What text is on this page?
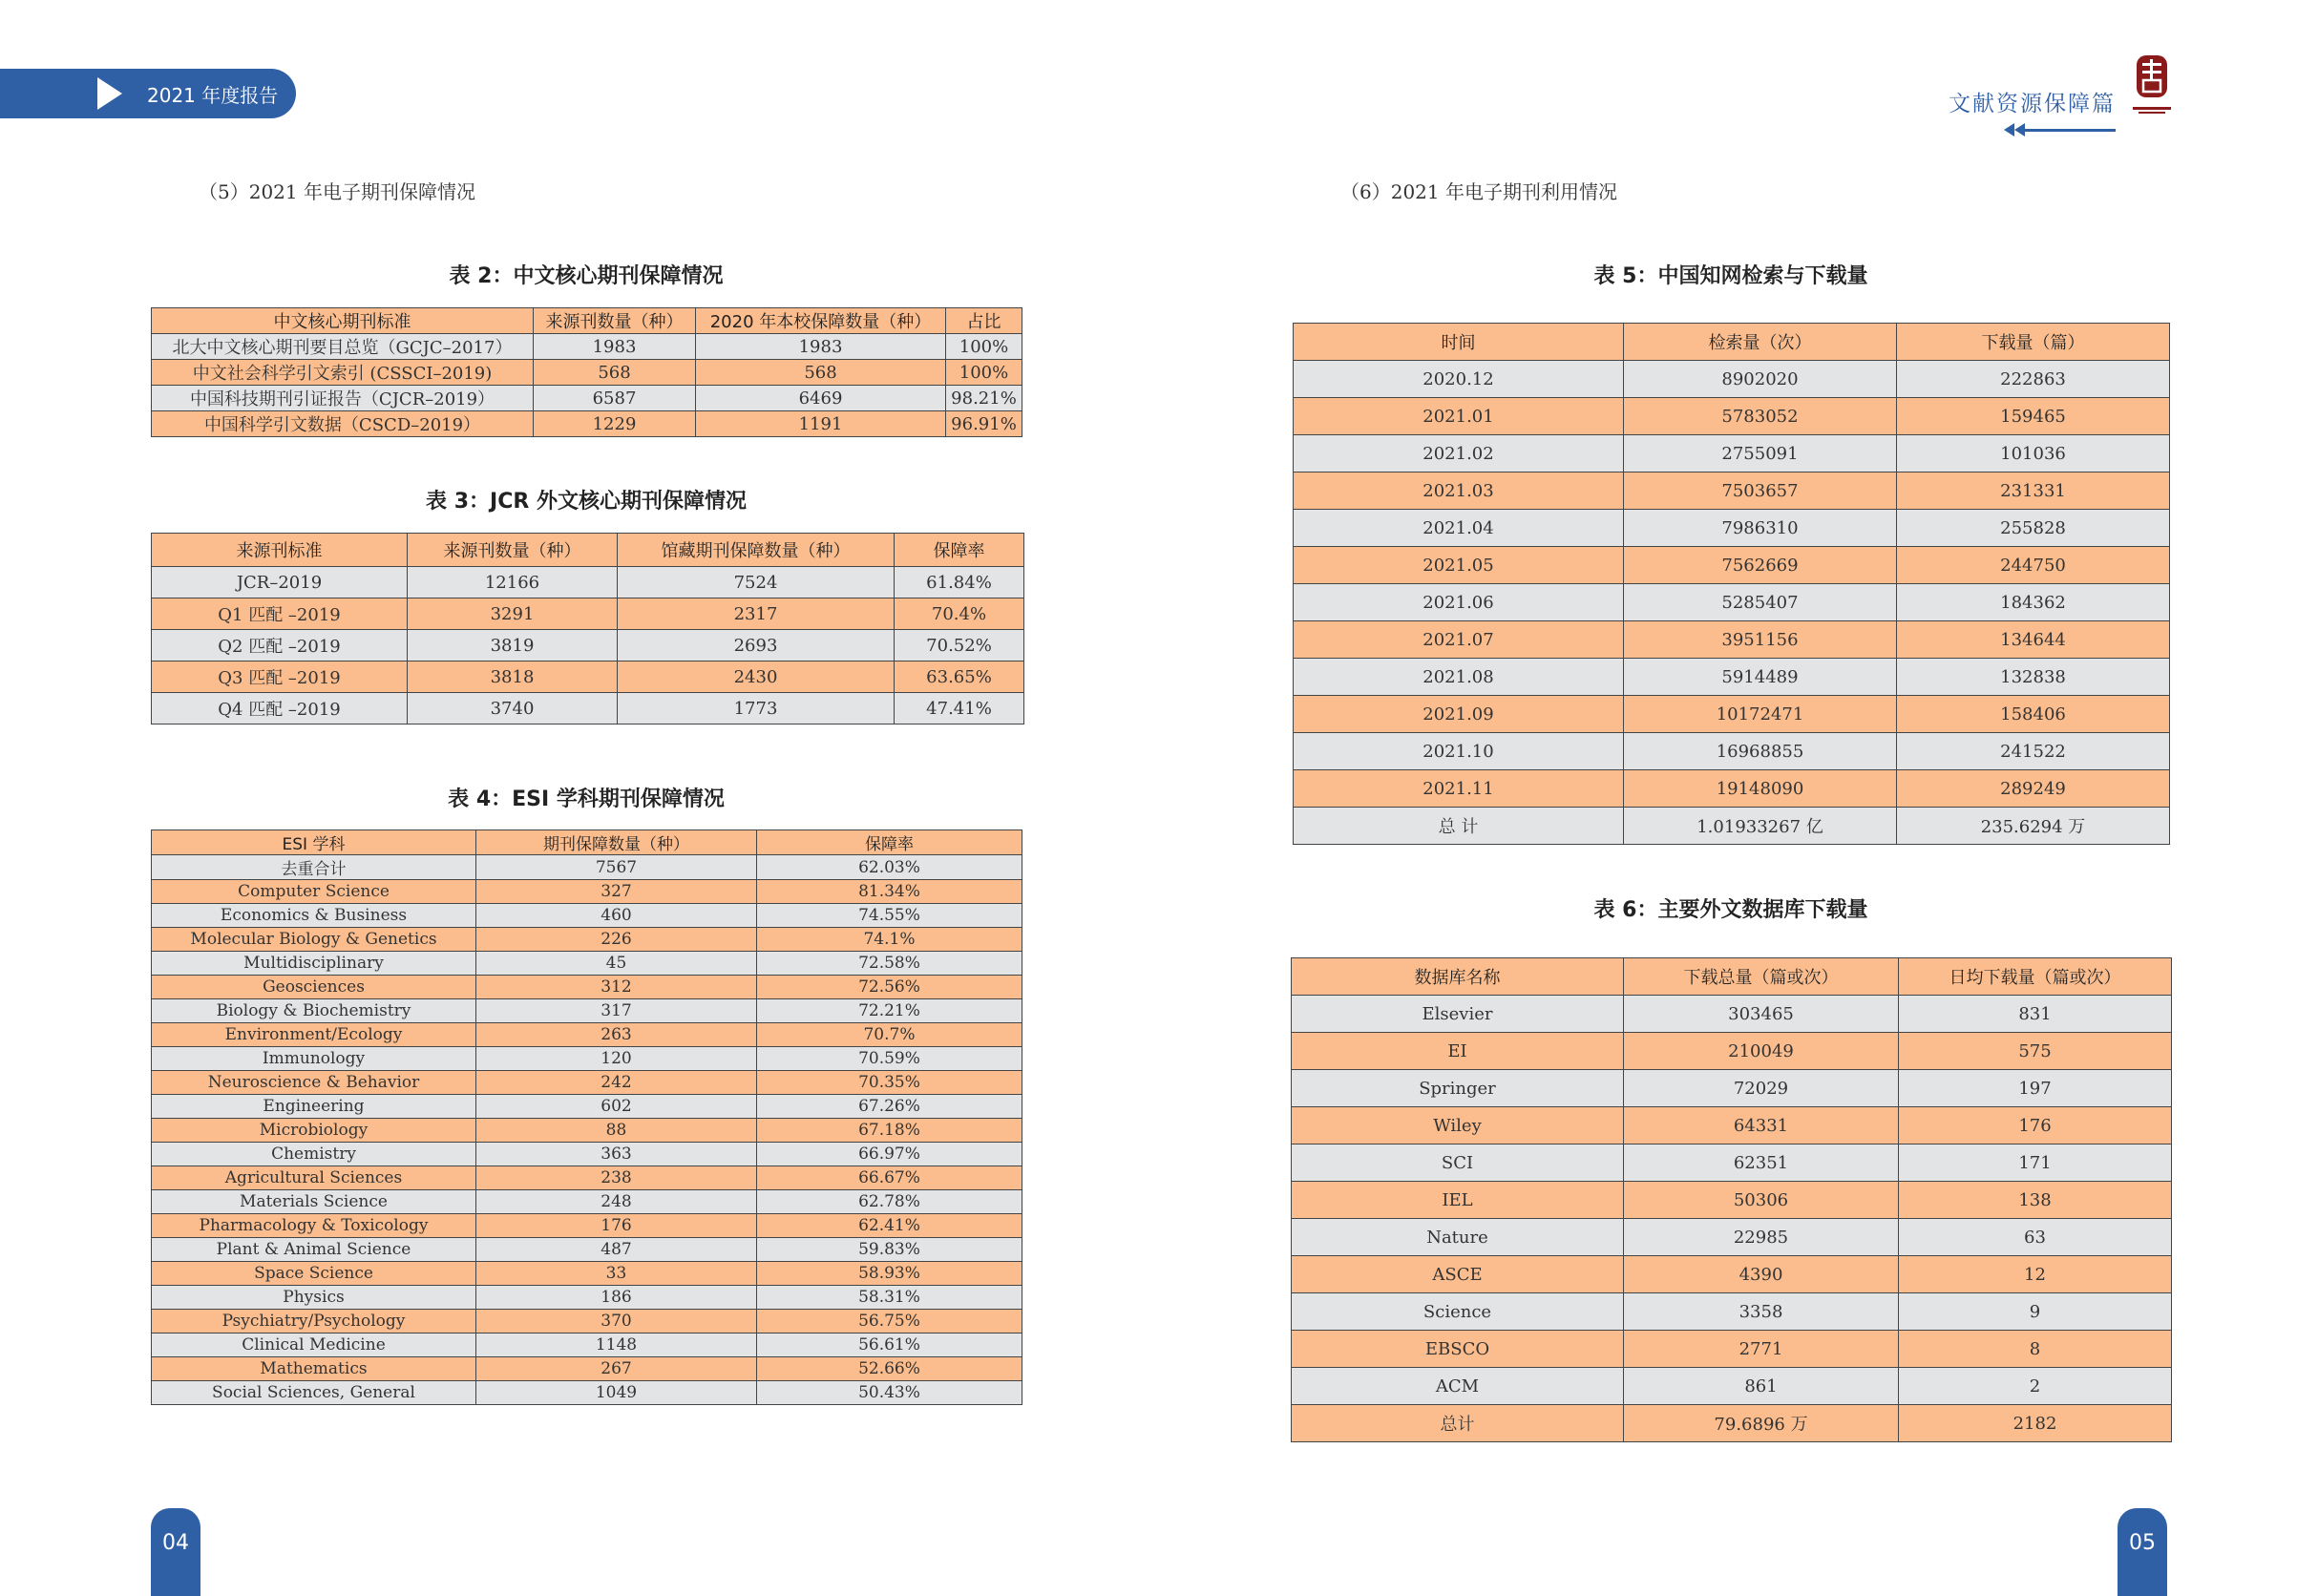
2021 年度报告	文献资源保障篇
（5）2021 年电子期刊保障情况
表 2：中文核心期刊保障情况
中文核心期刊标准	来源刊数量（种）	2020 年本校保障数量（种）	占比
北大中文核心期刊要目总览（GCJC–2017）	1983	1983	100%
中文社会科学引文索引 (CSSCI–2019)	568	568	100%
中国科技期刊引证报告（CJCR–2019）	6587	6469	98.21%
中国科学引文数据（CSCD–2019）	1229	1191	96.91%
表 3：JCR 外文核心期刊保障情况
来源刊标准	来源刊数量（种）	馆藏期刊保障数量（种）	保障率
JCR–2019	12166	7524	61.84%
Q1 匹配 –2019	3291	2317	70.4%
Q2 匹配 –2019	3819	2693	70.52%
Q3 匹配 –2019	3818	2430	63.65%
Q4 匹配 –2019	3740	1773	47.41%
表 4：ESI 学科期刊保障情况
ESI 学科	期刊保障数量（种）	保障率
去重合计	7567	62.03%
Computer Science	327	81.34%
Economics & Business	460	74.55%
Molecular Biology & Genetics	226	74.1%
Multidisciplinary	45	72.58%
Geosciences	312	72.56%
Biology & Biochemistry	317	72.21%
Environment/Ecology	263	70.7%
Immunology	120	70.59%
Neuroscience & Behavior	242	70.35%
Engineering	602	67.26%
Microbiology	88	67.18%
Chemistry	363	66.97%
Agricultural Sciences	238	66.67%
Materials Science	248	62.78%
Pharmacology & Toxicology	176	62.41%
Plant & Animal Science	487	59.83%
Space Science	33	58.93%
Physics	186	58.31%
Psychiatry/Psychology	370	56.75%
Clinical Medicine	1148	56.61%
Mathematics	267	52.66%
Social Sciences, General	1049	50.43%
04
（6）2021 年电子期刊利用情况
表 5：中国知网检索与下载量
时间	检索量（次）	下载量（篇）
2020.12	8902020	222863
2021.01	5783052	159465
2021.02	2755091	101036
2021.03	7503657	231331
2021.04	7986310	255828
2021.05	7562669	244750
2021.06	5285407	184362
2021.07	3951156	134644
2021.08	5914489	132838
2021.09	10172471	158406
2021.10	16968855	241522
2021.11	19148090	289249
总 计	1.01933267 亿	235.6294 万
表 6：主要外文数据库下载量
数据库名称	下载总量（篇或次）	日均下载量（篇或次）
Elsevier	303465	831
EI	210049	575
Springer	72029	197
Wiley	64331	176
SCI	62351	171
IEL	50306	138
Nature	22985	63
ASCE	4390	12
Science	3358	9
EBSCO	2771	8
ACM	861	2
总计	79.6896 万	2182
05
